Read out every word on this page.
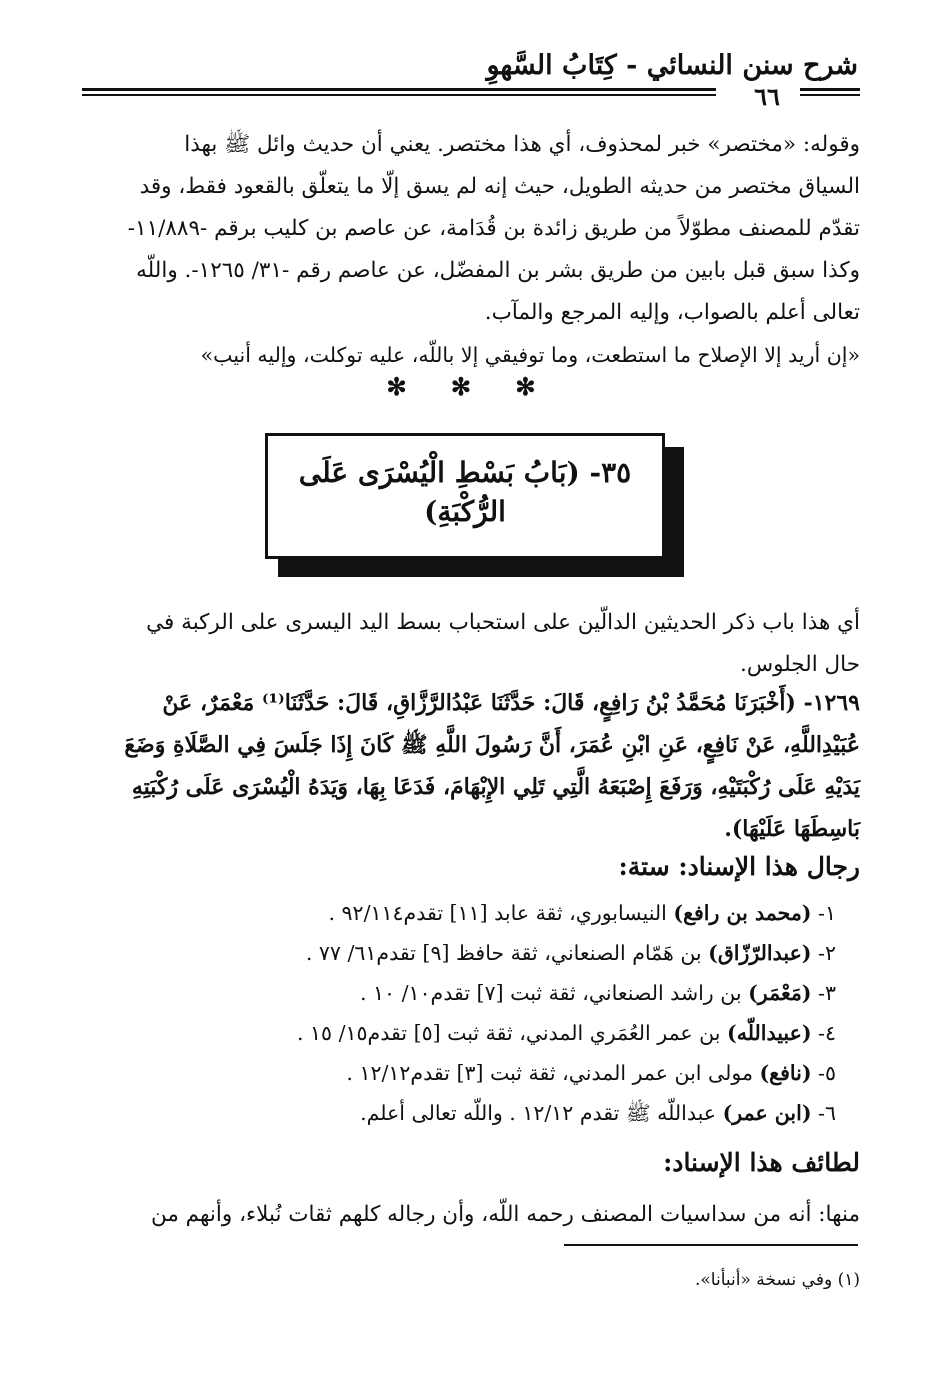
شرح سنن النسائي - كِتَابُ السَّهوِ
٦٦

وقوله: «مختصر» خبر لمحذوف، أي هذا مختصر. يعني أن حديث وائل ﷺ بهذا

السياق مختصر من حديثه الطويل، حيث إنه لم يسق إلّا ما يتعلّق بالقعود فقط، وقد

تقدّم للمصنف مطوّلاً من طريق زائدة بن قُدَامة، عن عاصم بن كليب برقم -١١/٨٨٩-

وكذا سبق قبل بابين من طريق بشر بن المفضّل، عن عاصم رقم -٣١/ ١٢٦٥-. واللّه

تعالى أعلم بالصواب، وإليه المرجع والمآب.

«إن أريد إلا الإصلاح ما استطعت، وما توفيقي إلا باللّه، عليه توكلت، وإليه أنيب»

✻ ✻ ✻
٣٥- (بَابُ بَسْطِ الْيُسْرَى عَلَى
الرُّكْبَةِ)

أي هذا باب ذكر الحديثين الدالّين على استحباب بسط اليد اليسرى على الركبة في

حال الجلوس.

١٢٦٩- (أَخْبَرَنَا مُحَمَّدُ بْنُ رَافِعٍ، قَالَ: حَدَّثَنَا عَبْدُالرَّزَّاقِ، قَالَ: حَدَّثَنَا⁽¹⁾ مَعْمَرٌ، عَنْ

عُبَيْدِاللَّهِ، عَنْ نَافِعٍ، عَنِ ابْنِ عُمَرَ، أَنَّ رَسُولَ اللَّهِ ﷺ كَانَ إِذَا جَلَسَ فِي الصَّلَاةِ وَضَعَ

يَدَيْهِ عَلَى رُكْبَتَيْهِ، وَرَفَعَ إِصْبَعَهُ الَّتِي تَلِي الإِبْهَامَ، فَدَعَا بِهَا، وَيَدَهُ الْيُسْرَى عَلَى رُكْبَتِهِ

بَاسِطَهَا عَلَيْهَا).

رجال هذا الإسناد: ستة:
١- (محمد بن رافع) النيسابوري، ثقة عابد [١١] تقدم٩٢/١١٤ .
٢- (عبدالرّزّاق) بن هَمّام الصنعاني، ثقة حافظ [٩] تقدم٦١/ ٧٧ .
٣- (مَعْمَر) بن راشد الصنعاني، ثقة ثبت [٧] تقدم١٠/ ١٠ .
٤- (عبيداللّه) بن عمر العُمَري المدني، ثقة ثبت [٥] تقدم١٥/ ١٥ .
٥- (نافع) مولى ابن عمر المدني، ثقة ثبت [٣] تقدم١٢/١٢ .
٦- (ابن عمر) عبداللّه ﷺ تقدم ١٢/١٢ . واللّه تعالى أعلم.
لطائف هذا الإسناد:

منها: أنه من سداسيات المصنف رحمه اللّه، وأن رجاله كلهم ثقات نُبلاء، وأنهم من

(١) وفي نسخة «أنبأنا».
